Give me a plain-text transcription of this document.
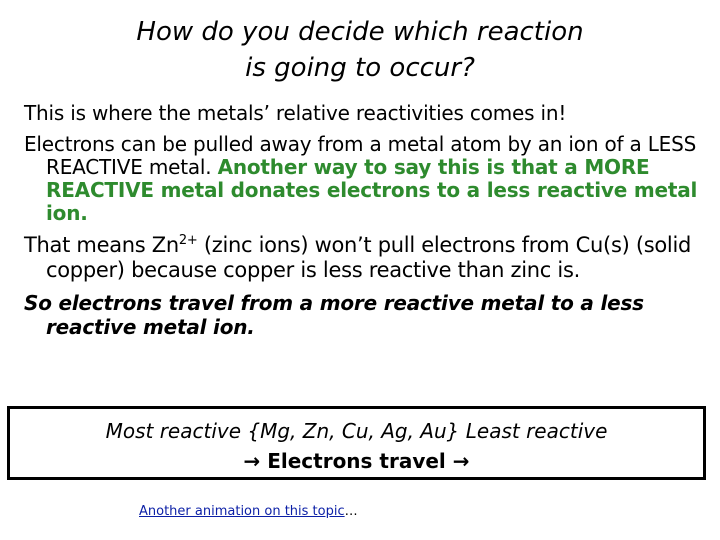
How do you decide which reaction
is going to occur?

This is where the metals’ relative reactivities comes in!

Electrons can be pulled away from a metal atom by an ion of a LESS REACTIVE metal. Another way to say this is that a MORE REACTIVE metal donates electrons to a less reactive metal ion.

That means $Zn^{2+}$ (zinc ions) won’t pull electrons from Cu(s) (solid copper) because copper is less reactive than zinc is.

So electrons travel from a more reactive metal to a less reactive metal ion.

Most reactive {Mg, Zn, Cu, Ag, Au} Least reactive
→ Electrons travel →
Another animation on this topic…
